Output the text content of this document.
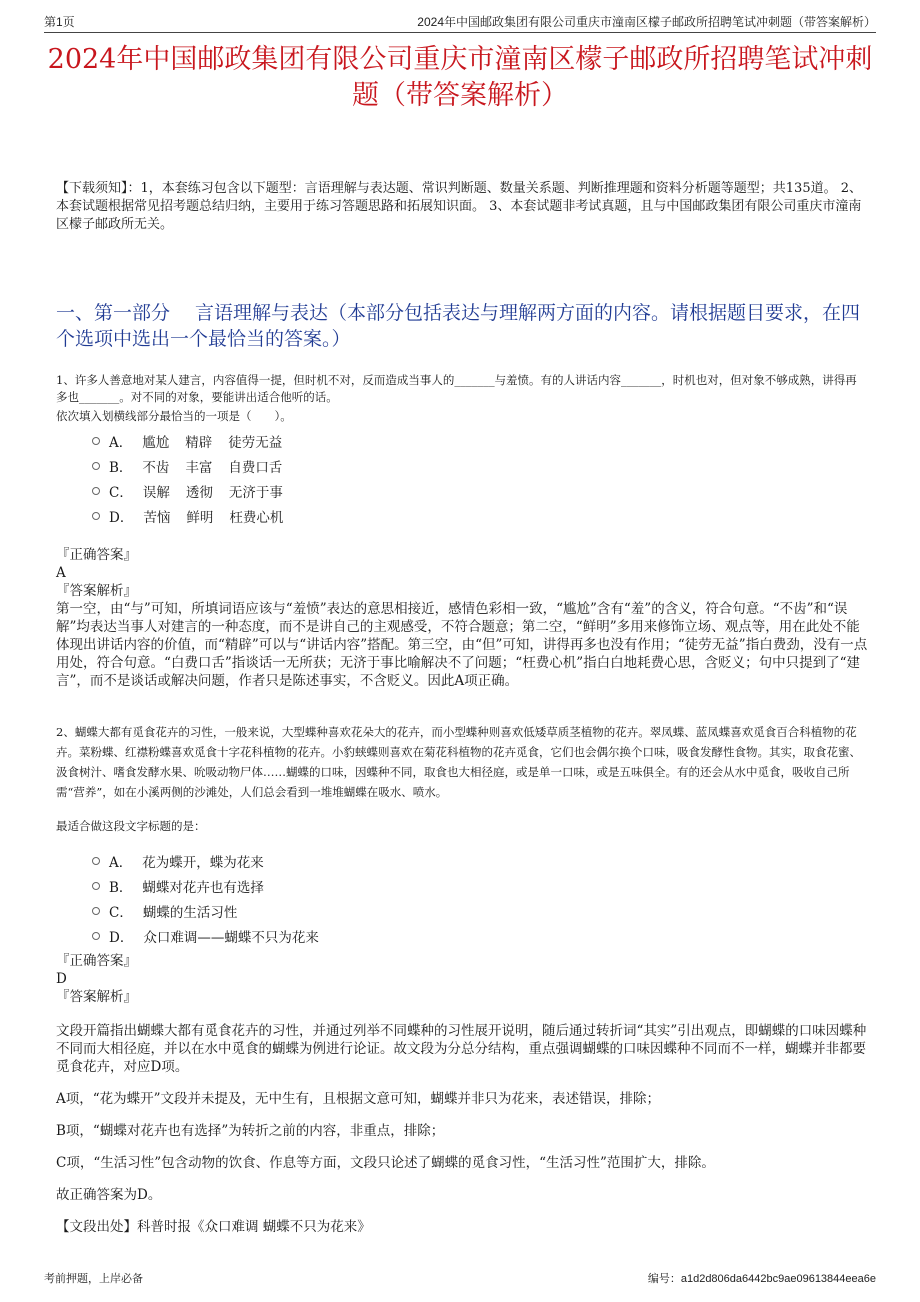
第1页	2024年中国邮政集团有限公司重庆市潼南区檬子邮政所招聘笔试冲刺题（带答案解析）
2024年中国邮政集团有限公司重庆市潼南区檬子邮政所招聘笔试冲刺题（带答案解析）
【下载须知】：1，本套练习包含以下题型：言语理解与表达题、常识判断题、数量关系题、判断推理题和资料分析题等题型；共135道。 2、本套试题根据常见招考题总结归纳，主要用于练习答题思路和拓展知识面。 3、本套试题非考试真题，且与中国邮政集团有限公司重庆市潼南区檬子邮政所无关。
一、第一部分　 言语理解与表达（本部分包括表达与理解两方面的内容。请根据题目要求，在四个选项中选出一个最恰当的答案。）
1、许多人善意地对某人建言，内容值得一提，但时机不对，反而造成当事人的_______与羞愤。有的人讲话内容_______，时机也对，但对象不够成熟，讲得再多也_______。对不同的对象，要能讲出适合他听的话。
依次填入划横线部分最恰当的一项是（　　）。
A． 尴尬 精辟 徒劳无益
B． 不齿 丰富 自费口舌
C． 误解 透彻 无济于事
D． 苦恼 鲜明 枉费心机
『正确答案』
A
『答案解析』
第一空，由“与”可知，所填词语应该与“羞愤”表达的意思相接近，感情色彩相一致，“尴尬”含有“羞”的含义，符合句意。“不齿”和“误解”均表达当事人对建言的一种态度，而不是讲自己的主观感受，不符合题意；第二空，“鲜明”多用来修饰立场、观点等，用在此处不能体现出讲话内容的价值，而“精辟”可以与“讲话内容”搭配。第三空，由“但”可知，讲得再多也没有作用；“徒劳无益”指白费劲，没有一点用处，符合句意。“白费口舌”指谈话一无所获；无济于事比喻解决不了问题；“枉费心机”指白白地耗费心思，含贬义；句中只提到了“建言”，而不是谈话或解决问题，作者只是陈述事实，不含贬义。因此A项正确。
2、蝴蝶大都有觅食花卉的习性，一般来说，大型蝶种喜欢花朵大的花卉，而小型蝶种则喜欢低矮草质茎植物的花卉。翠凤蝶、蓝凤蝶喜欢觅食百合科植物的花卉。菜粉蝶、红襟粉蝶喜欢觅食十字花科植物的花卉。小豹蛱蝶则喜欢在菊花科植物的花卉觅食，它们也会偶尔换个口味，吸食发酵性食物。其实，取食花蜜、汲食树汁、嗜食发酵水果、吮吸动物尸体……蝴蝶的口味，因蝶种不同，取食也大相径庭，或是单一口味，或是五味俱全。有的还会从水中觅食，吸收自己所需“营养”，如在小溪两侧的沙滩处，人们总会看到一堆堆蝴蝶在吸水、喷水。
最适合做这段文字标题的是：
A． 花为蝶开，蝶为花来
B． 蝴蝶对花卉也有选择
C． 蝴蝶的生活习性
D． 众口难调——蝴蝶不只为花来
『正确答案』
D
『答案解析』

文段开篇指出蝴蝶大都有觅食花卉的习性，并通过列举不同蝶种的习性展开说明，随后通过转折词“其实”引出观点，即蝴蝶的口味因蝶种不同而大相径庭，并以在水中觅食的蝴蝶为例进行论证。故文段为分总分结构，重点强调蝴蝶的口味因蝶种不同而不一样，蝴蝶并非都要觅食花卉，对应D项。

A项，“花为蝶开”文段并未提及，无中生有，且根据文意可知，蝴蝶并非只为花来，表述错误，排除；

B项，“蝴蝶对花卉也有选择”为转折之前的内容，非重点，排除；

C项，“生活习性”包含动物的饮食、作息等方面，文段只论述了蝴蝶的觅食习性，“生活习性”范围扩大，排除。

故正确答案为D。

【文段出处】科普时报《众口难调 蝴蝶不只为花来》

考前押题，上岸必备	编号：a1d2d806da6442bc9ae09613844eea6e
